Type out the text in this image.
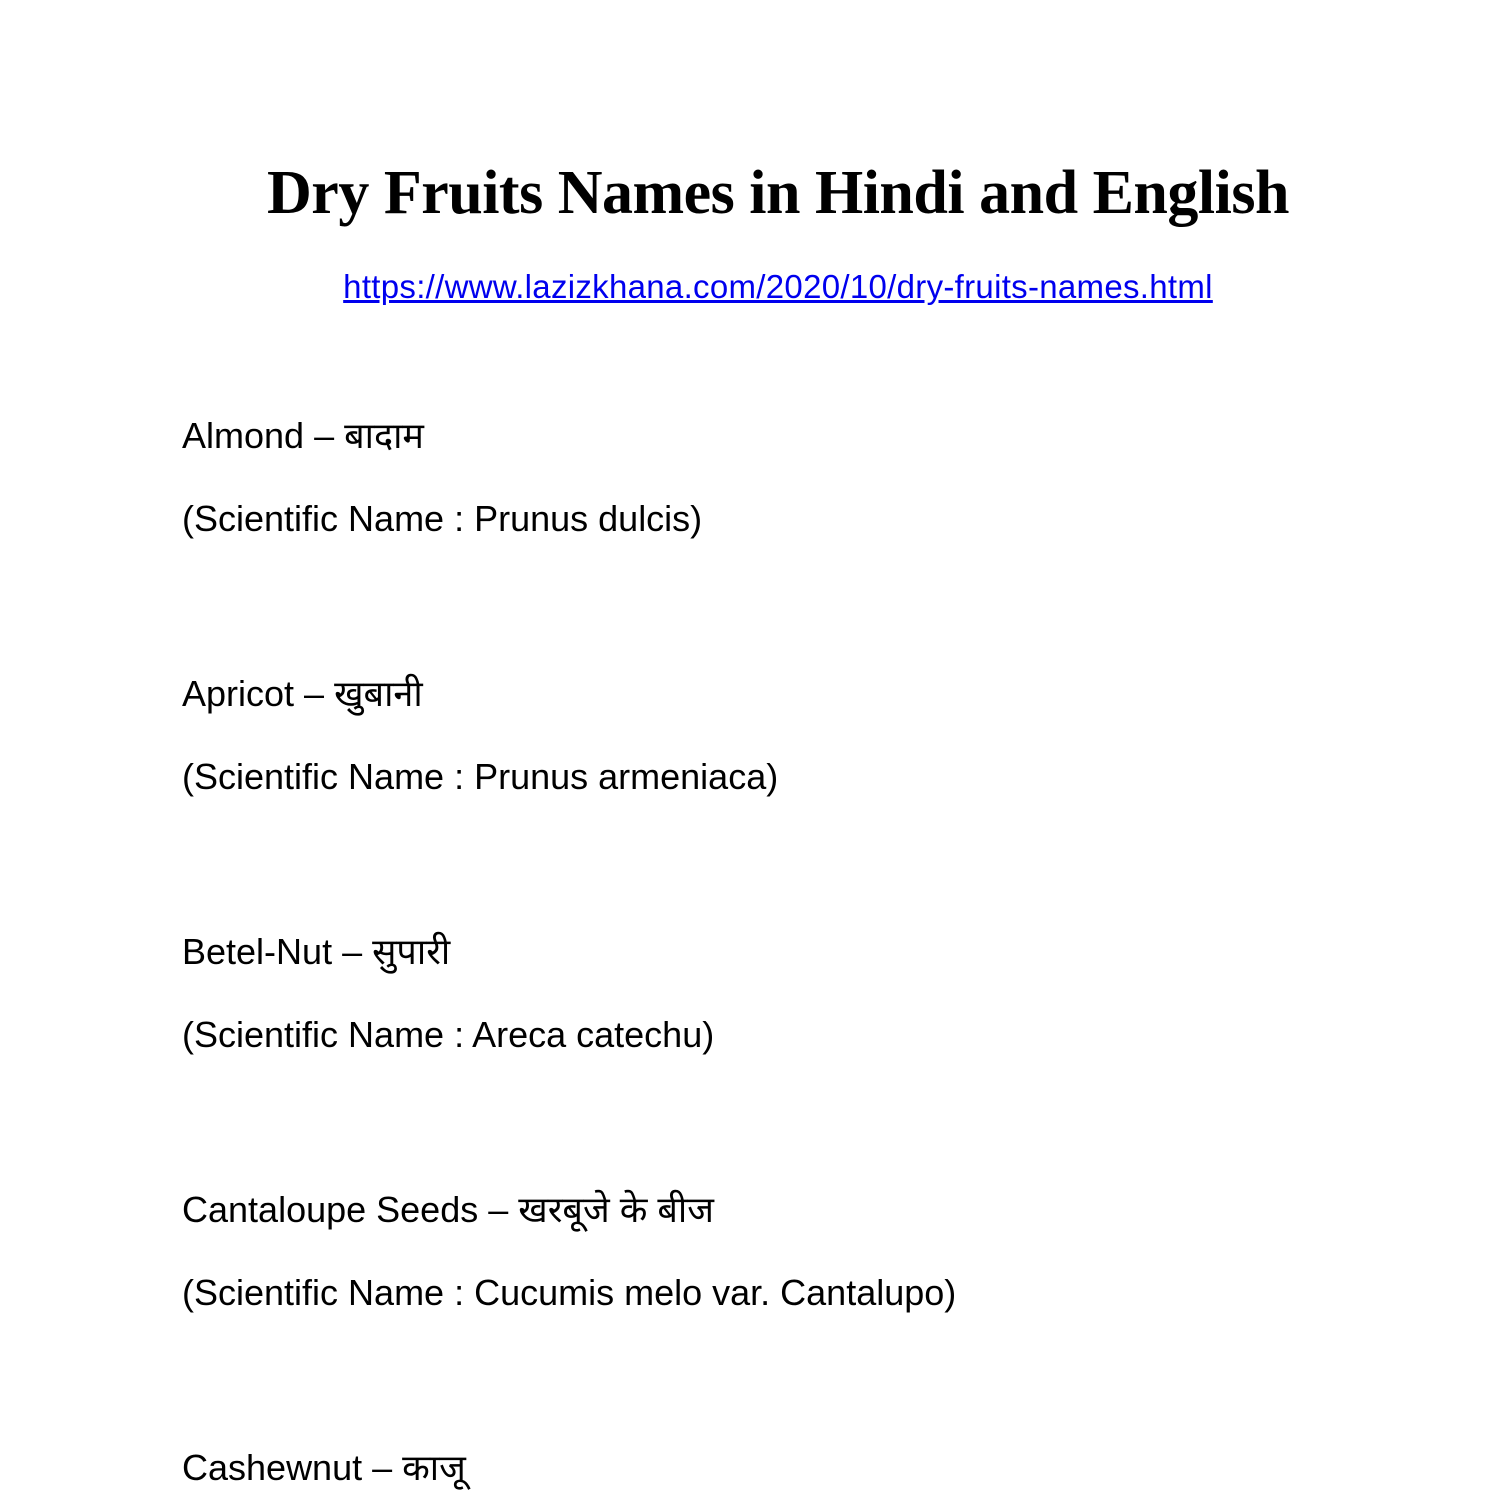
Dry Fruits Names in Hindi and English
https://www.lazizkhana.com/2020/10/dry-fruits-names.html
Almond – बादाम
(Scientific Name : Prunus dulcis)
Apricot – खुबानी
(Scientific Name : Prunus armeniaca)
Betel-Nut – सुपारी
(Scientific Name : Areca catechu)
Cantaloupe Seeds – खरबूजे के बीज
(Scientific Name : Cucumis melo var. Cantalupo)
Cashewnut – काजू
